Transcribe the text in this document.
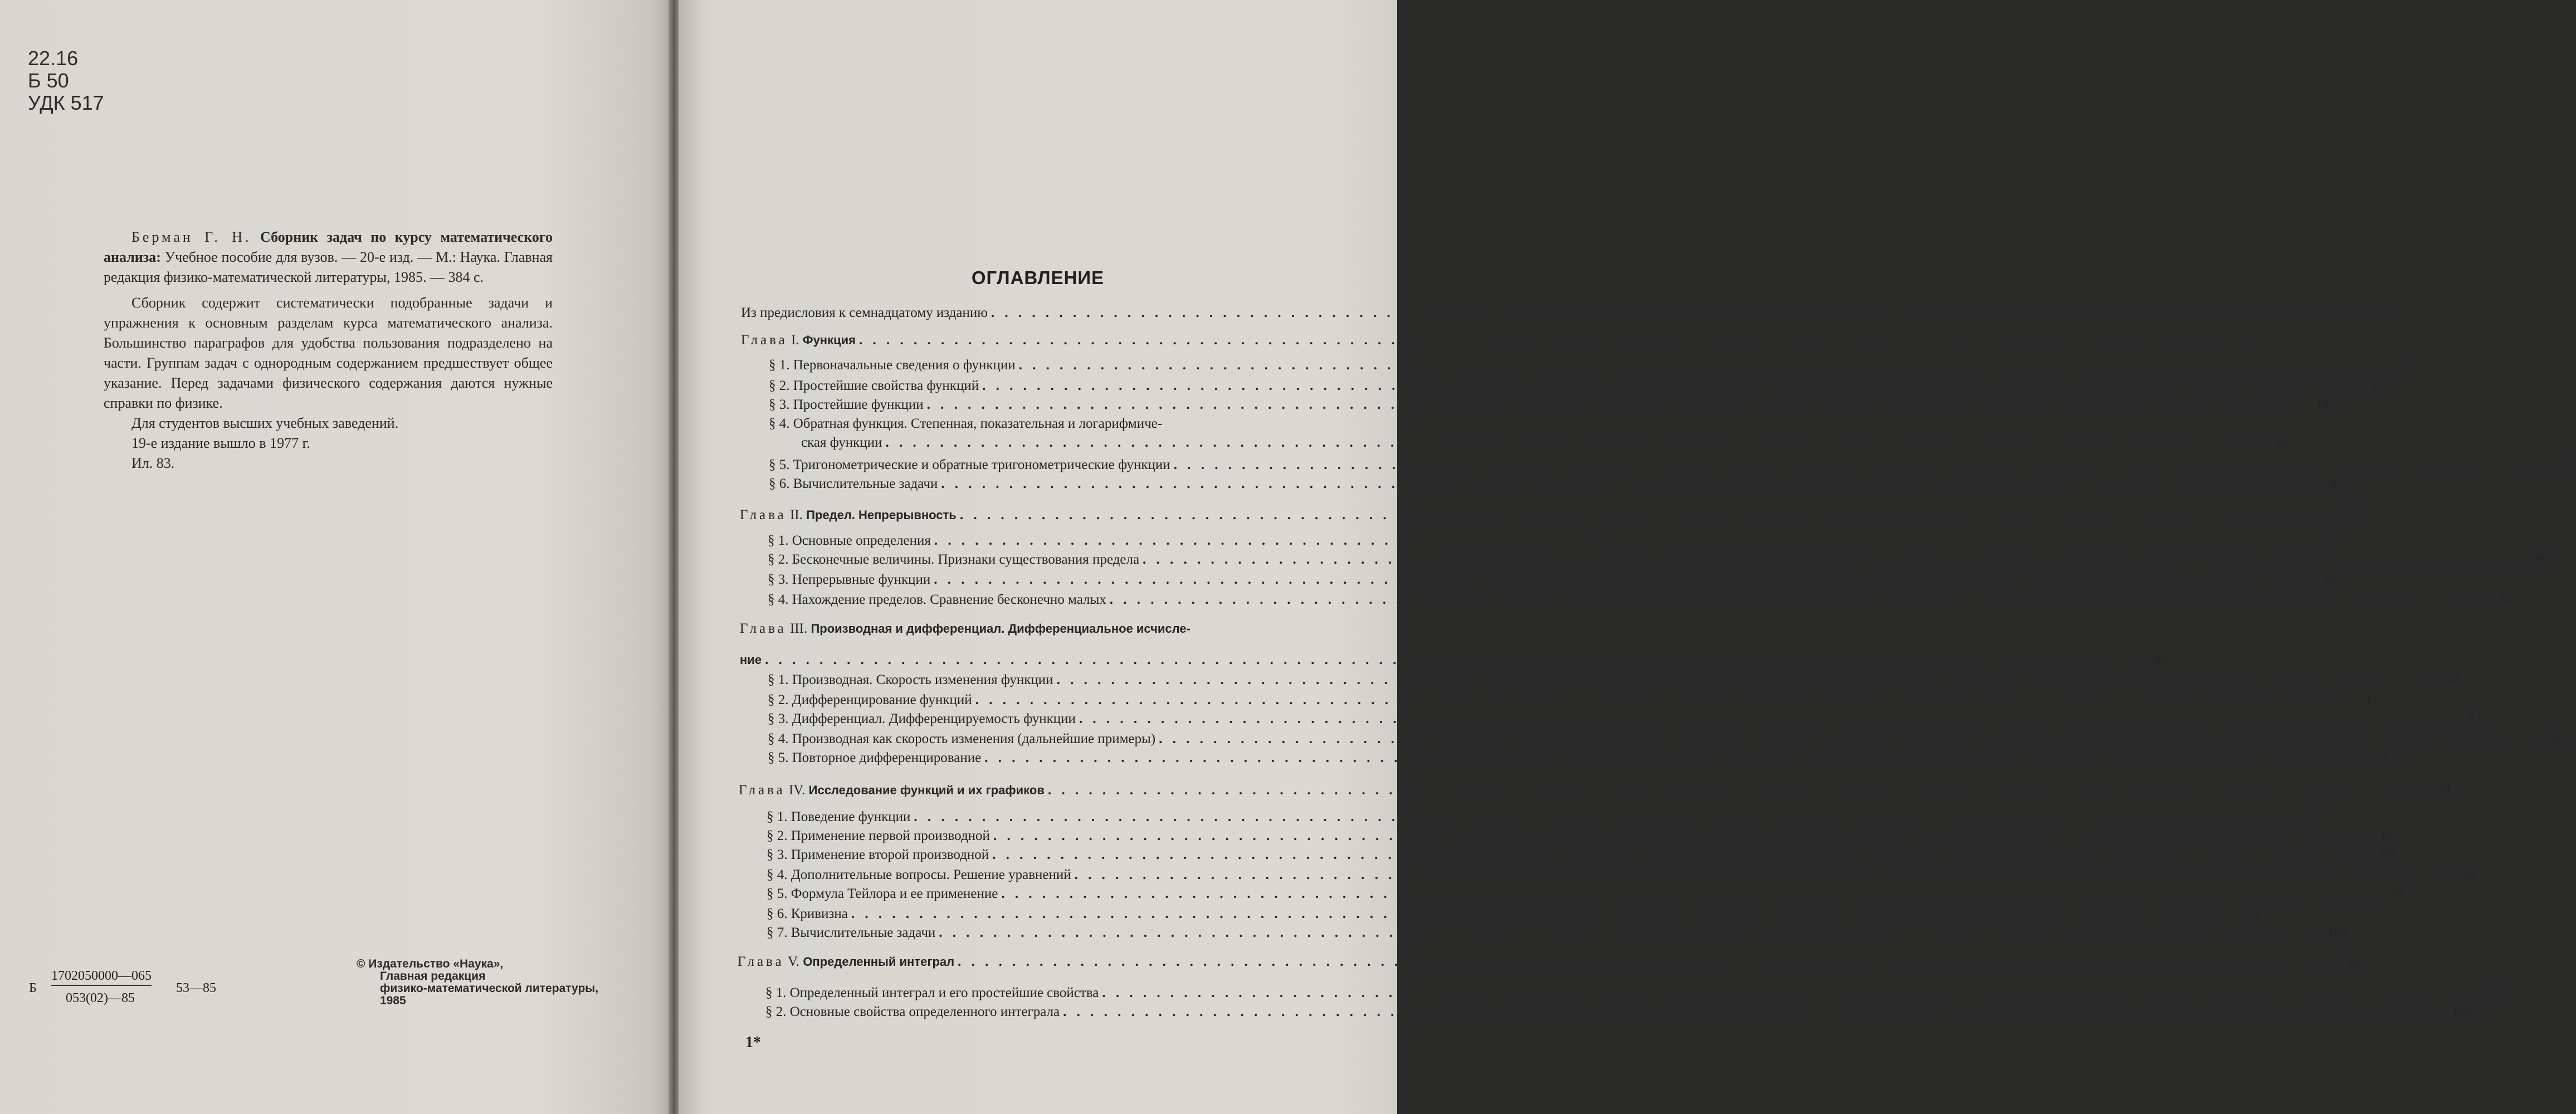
22.16
Б 50
УДК 517

Берман Г. Н. Сборник задач по курсу математического анализа: Учебное пособие для вузов. — 20-е изд. — М.: Наука. Главная редакция физико-математической литературы, 1985. — 384 с.

Сборник содержит систематически подобранные задачи и упражнения к основным разделам курса математического анализа. Большинство параграфов для удобства пользования подразделено на части. Группам задач с однородным содержанием предшествует общее указание. Перед задачами физического содержания даются нужные справки по физике.

Для студентов высших учебных заведений.
19-е издание вышло в 1977 г.
Ил. 83.
Б
1702050000—065
053(02)—85
53—85
© Издательство «Наука»,
Главная редакция
физико-математической литературы,
1985
ОГЛАВЛЕНИЕ
Из предисловия к семнадцатому изданию . . .	6
Глава I. Функция . . .	7
§ 1. Первоначальные сведения о функции . . .	7
§ 2. Простейшие свойства функций . . .	11
§ 3. Простейшие функции . . .	14
§ 4. Обратная функция. Степенная, показательная и логарифмиче-
ская функции . . .	19
§ 5. Тригонометрические и обратные тригонометрические функции . . .	22
§ 6. Вычислительные задачи . . .	25
Глава II. Предел. Непрерывность . . .	27
§ 1. Основные определения . . .	27
§ 2. Бесконечные величины. Признаки существования предела . . .	29
§ 3. Непрерывные функции . . .	32
§ 4. Нахождение пределов. Сравнение бесконечно малых . . .	34
Глава III. Производная и дифференциал. Дифференциальное исчисле-
ние . . .	44
§ 1. Производная. Скорость изменения функции . . .	44
§ 2. Дифференцирование функций . . .	47
§ 3. Дифференциал. Дифференцируемость функции . . .	63
§ 4. Производная как скорость изменения (дальнейшие примеры) . . .	66
§ 5. Повторное дифференцирование . . .	73
Глава IV. Исследование функций и их графиков . . .	79
§ 1. Поведение функции . . .	79
§ 2. Применение первой производной . . .	80
§ 3. Применение второй производной . . .	89
§ 4. Дополнительные вопросы. Решение уравнений . . .	92
§ 5. Формула Тейлора и ее применение . . .	99
§ 6. Кривизна . . .	101
§ 7. Вычислительные задачи . . .	103
Глава V. Определенный интеграл . . .	105
§ 1. Определенный интеграл и его простейшие свойства . . .	105
§ 2. Основные свойства определенного интеграла . . .	108
1*
